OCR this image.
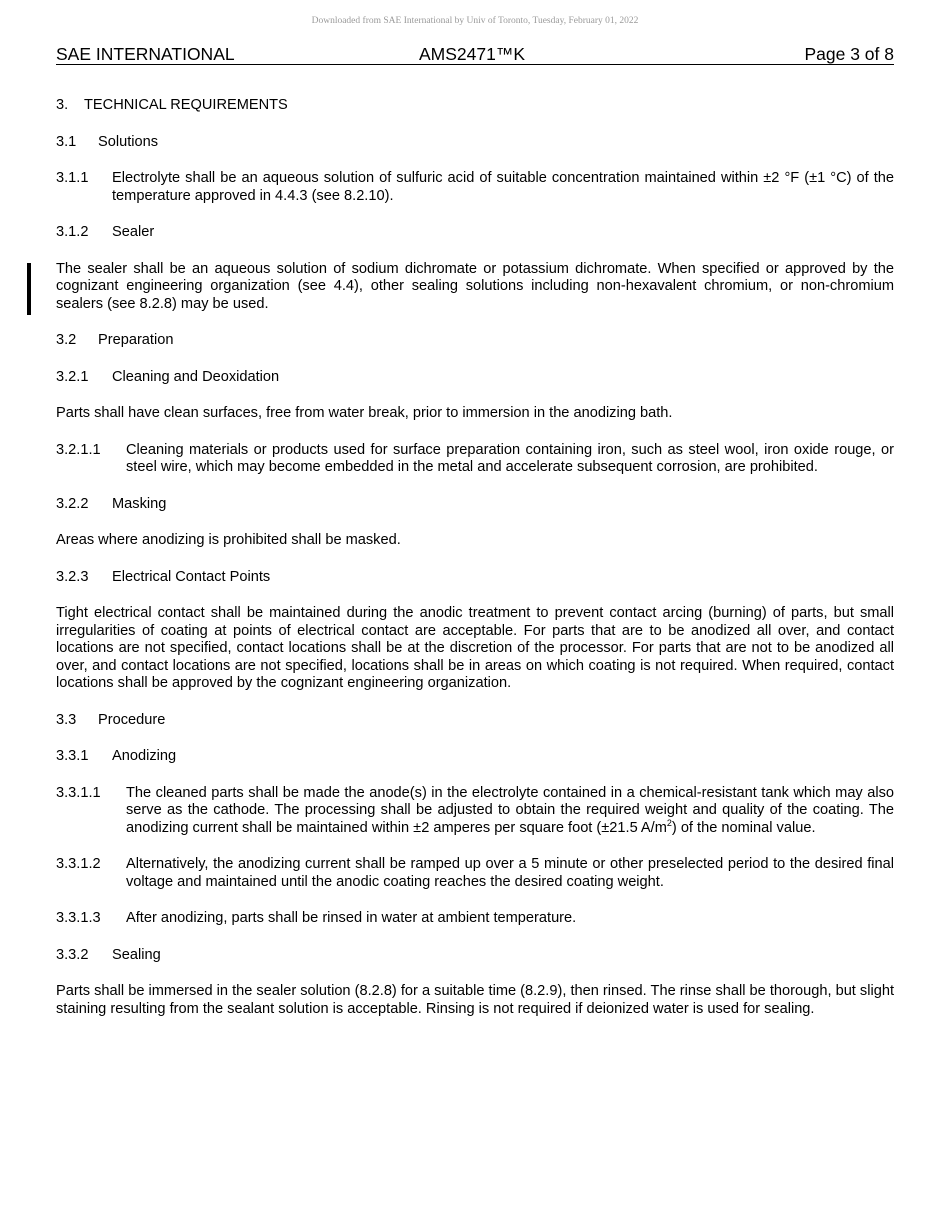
Downloaded from SAE International by Univ of Toronto, Tuesday, February 01, 2022
SAE INTERNATIONAL	AMS2471™K	Page 3 of 8
3.	TECHNICAL REQUIREMENTS
3.1	Solutions
3.1.1	Electrolyte shall be an aqueous solution of sulfuric acid of suitable concentration maintained within ±2 °F (±1 °C) of the temperature approved in 4.4.3 (see 8.2.10).
3.1.2	Sealer
The sealer shall be an aqueous solution of sodium dichromate or potassium dichromate. When specified or approved by the cognizant engineering organization (see 4.4), other sealing solutions including non-hexavalent chromium, or non-chromium sealers (see 8.2.8) may be used.
3.2	Preparation
3.2.1	Cleaning and Deoxidation
Parts shall have clean surfaces, free from water break, prior to immersion in the anodizing bath.
3.2.1.1	Cleaning materials or products used for surface preparation containing iron, such as steel wool, iron oxide rouge, or steel wire, which may become embedded in the metal and accelerate subsequent corrosion, are prohibited.
3.2.2	Masking
Areas where anodizing is prohibited shall be masked.
3.2.3	Electrical Contact Points
Tight electrical contact shall be maintained during the anodic treatment to prevent contact arcing (burning) of parts, but small irregularities of coating at points of electrical contact are acceptable. For parts that are to be anodized all over, and contact locations are not specified, contact locations shall be at the discretion of the processor. For parts that are not to be anodized all over, and contact locations are not specified, locations shall be in areas on which coating is not required. When required, contact locations shall be approved by the cognizant engineering organization.
3.3	Procedure
3.3.1	Anodizing
3.3.1.1	The cleaned parts shall be made the anode(s) in the electrolyte contained in a chemical-resistant tank which may also serve as the cathode. The processing shall be adjusted to obtain the required weight and quality of the coating. The anodizing current shall be maintained within ±2 amperes per square foot (±21.5 $A/m^2$) of the nominal value.
3.3.1.2	Alternatively, the anodizing current shall be ramped up over a 5 minute or other preselected period to the desired final voltage and maintained until the anodic coating reaches the desired coating weight.
3.3.1.3	After anodizing, parts shall be rinsed in water at ambient temperature.
3.3.2	Sealing
Parts shall be immersed in the sealer solution (8.2.8) for a suitable time (8.2.9), then rinsed. The rinse shall be thorough, but slight staining resulting from the sealant solution is acceptable. Rinsing is not required if deionized water is used for sealing.
